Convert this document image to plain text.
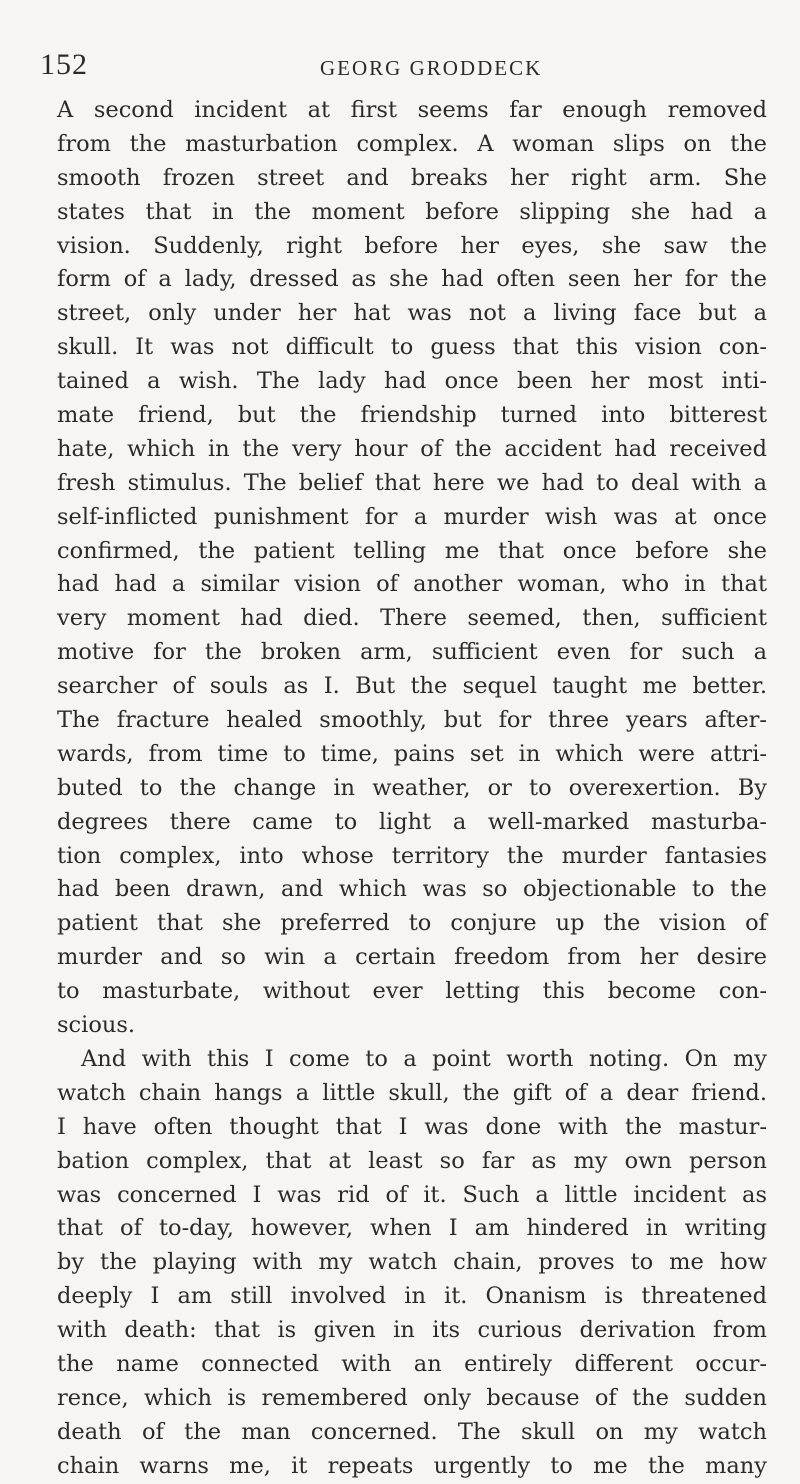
152	GEORG GRODDECK
A second incident at first seems far enough removed
from the masturbation complex. A woman slips on the
smooth frozen street and breaks her right arm. She
states that in the moment before slipping she had a
vision. Suddenly, right before her eyes, she saw the
form of a lady, dressed as she had often seen her for the
street, only under her hat was not a living face but a
skull. It was not difficult to guess that this vision con-
tained a wish. The lady had once been her most inti-
mate friend, but the friendship turned into bitterest
hate, which in the very hour of the accident had received
fresh stimulus. The belief that here we had to deal with a
self-inflicted punishment for a murder wish was at once
confirmed, the patient telling me that once before she
had had a similar vision of another woman, who in that
very moment had died. There seemed, then, sufficient
motive for the broken arm, sufficient even for such a
searcher of souls as I. But the sequel taught me better.
The fracture healed smoothly, but for three years after-
wards, from time to time, pains set in which were attri-
buted to the change in weather, or to overexertion. By
degrees there came to light a well-marked masturba-
tion complex, into whose territory the murder fantasies
had been drawn, and which was so objectionable to the
patient that she preferred to conjure up the vision of
murder and so win a certain freedom from her desire
to masturbate, without ever letting this become con-
scious.
And with this I come to a point worth noting. On my
watch chain hangs a little skull, the gift of a dear friend.
I have often thought that I was done with the mastur-
bation complex, that at least so far as my own person
was concerned I was rid of it. Such a little incident as
that of to-day, however, when I am hindered in writing
by the playing with my watch chain, proves to me how
deeply I am still involved in it. Onanism is threatened
with death: that is given in its curious derivation from
the name connected with an entirely different occur-
rence, which is remembered only because of the sudden
death of the man concerned. The skull on my watch
chain warns me, it repeats urgently to me the many
